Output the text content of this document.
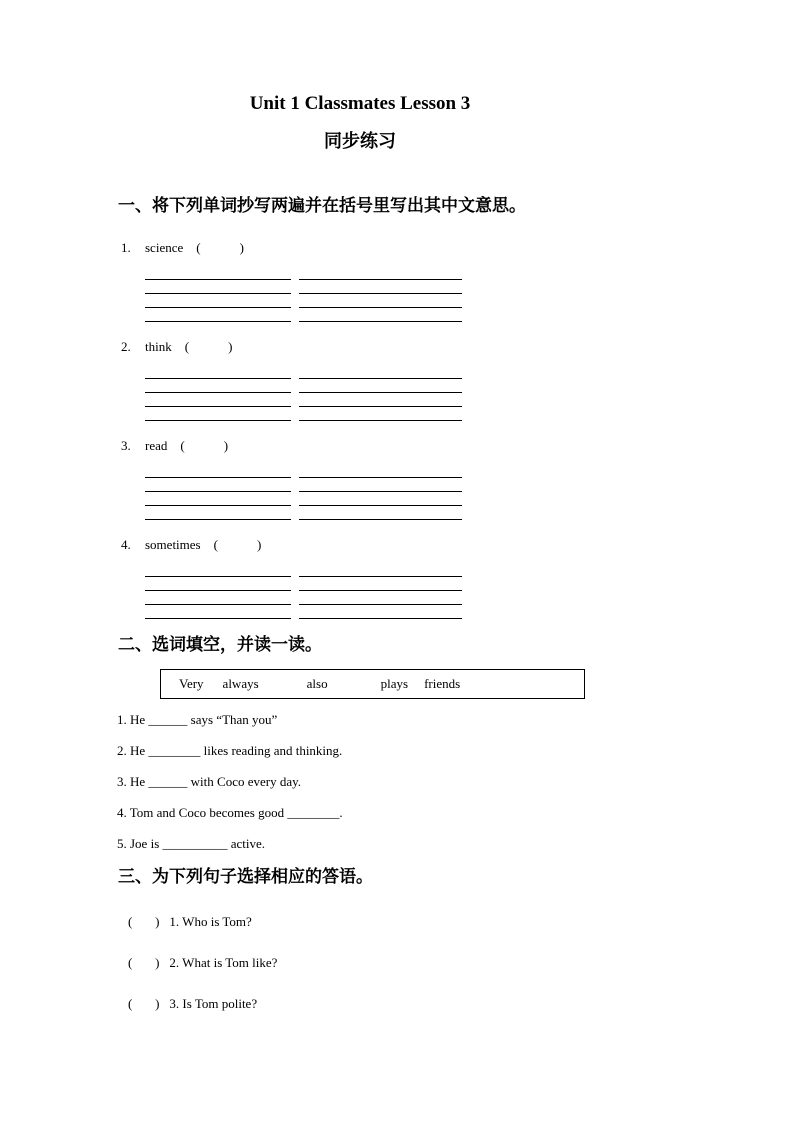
Unit 1 Classmates Lesson 3
同步练习
一、将下列单词抄写两遍并在括号里写出其中文意思。
1. science (            )
2. think (            )
3. read (            )
4. sometimes (            )
二、选词填空，并读一读。
Very always	also	plays friends
1. He ______ says “Than you”
2. He ________ likes reading and thinking.
3. He ______ with Coco every day.
4. Tom and Coco becomes good ________.
5. Joe is __________ active.
三、为下列句子选择相应的答语。
(       ) 1. Who is Tom?
(       ) 2. What is Tom like?
(       ) 3. Is Tom polite?
